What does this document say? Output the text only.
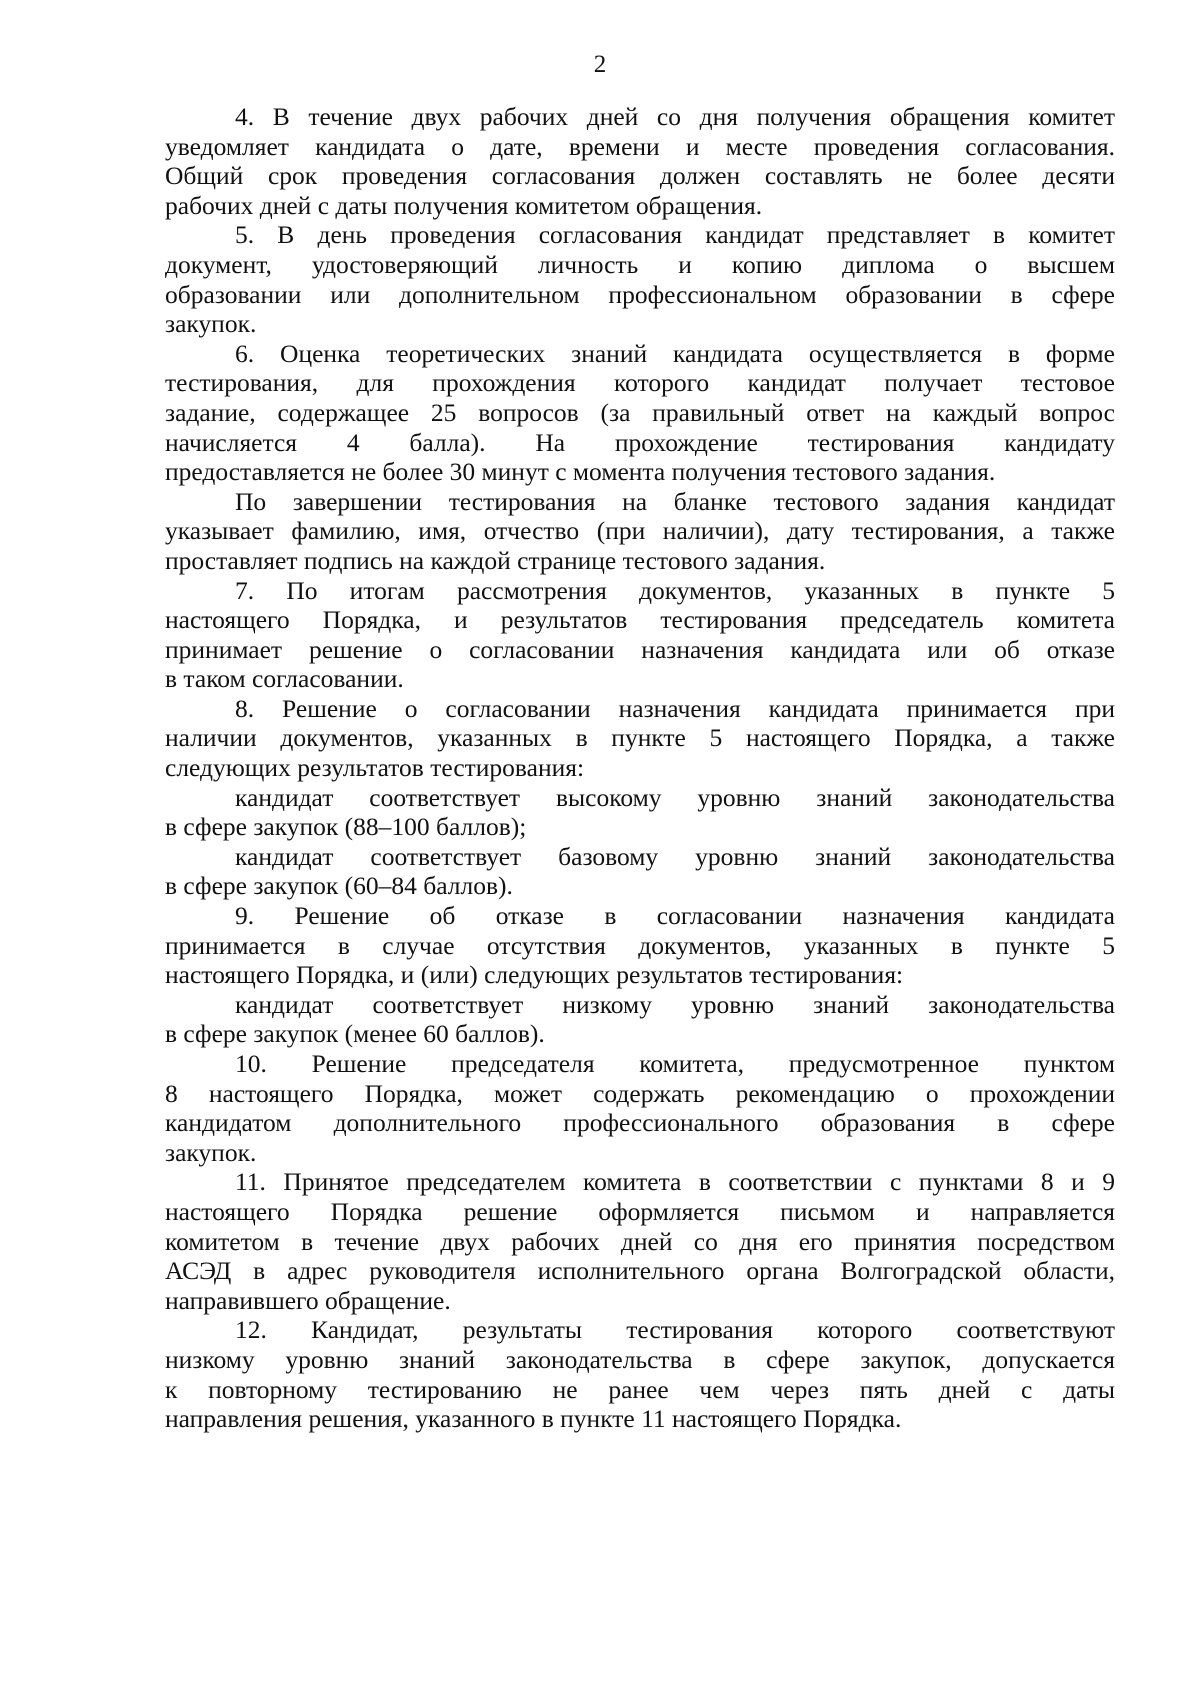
2
4. В течение двух рабочих дней со дня получения обращения комитет
уведомляет кандидата о дате, времени и месте проведения согласования.
Общий срок проведения согласования должен составлять не более десяти
рабочих дней с даты получения комитетом обращения.
5. В день проведения согласования кандидат представляет в комитет
документ, удостоверяющий личность и копию диплома о высшем
образовании или дополнительном профессиональном образовании в сфере
закупок.
6. Оценка теоретических знаний кандидата осуществляется в форме
тестирования, для прохождения которого кандидат получает тестовое
задание, содержащее 25 вопросов (за правильный ответ на каждый вопрос
начисляется 4 балла). На прохождение тестирования кандидату
предоставляется не более 30 минут с момента получения тестового задания.
По завершении тестирования на бланке тестового задания кандидат
указывает фамилию, имя, отчество (при наличии), дату тестирования, а также
проставляет подпись на каждой странице тестового задания.
7. По итогам рассмотрения документов, указанных в пункте 5
настоящего Порядка, и результатов тестирования председатель комитета
принимает решение о согласовании назначения кандидата или об отказе
в таком согласовании.
8. Решение о согласовании назначения кандидата принимается при
наличии документов, указанных в пункте 5 настоящего Порядка, а также
следующих результатов тестирования:
кандидат соответствует высокому уровню знаний законодательства
в сфере закупок (88–100 баллов);
кандидат соответствует базовому уровню знаний законодательства
в сфере закупок (60–84 баллов).
9. Решение об отказе в согласовании назначения кандидата
принимается в случае отсутствия документов, указанных в пункте 5
настоящего Порядка, и (или) следующих результатов тестирования:
кандидат соответствует низкому уровню знаний законодательства
в сфере закупок (менее 60 баллов).
10. Решение председателя комитета, предусмотренное пунктом
8 настоящего Порядка, может содержать рекомендацию о прохождении
кандидатом дополнительного профессионального образования в сфере
закупок.
11. Принятое председателем комитета в соответствии с пунктами 8 и 9
настоящего Порядка решение оформляется письмом и направляется
комитетом в течение двух рабочих дней со дня его принятия посредством
АСЭД в адрес руководителя исполнительного органа Волгоградской области,
направившего обращение.
12. Кандидат, результаты тестирования которого соответствуют
низкому уровню знаний законодательства в сфере закупок, допускается
к повторному тестированию не ранее чем через пять дней с даты
направления решения, указанного в пункте 11 настоящего Порядка.
